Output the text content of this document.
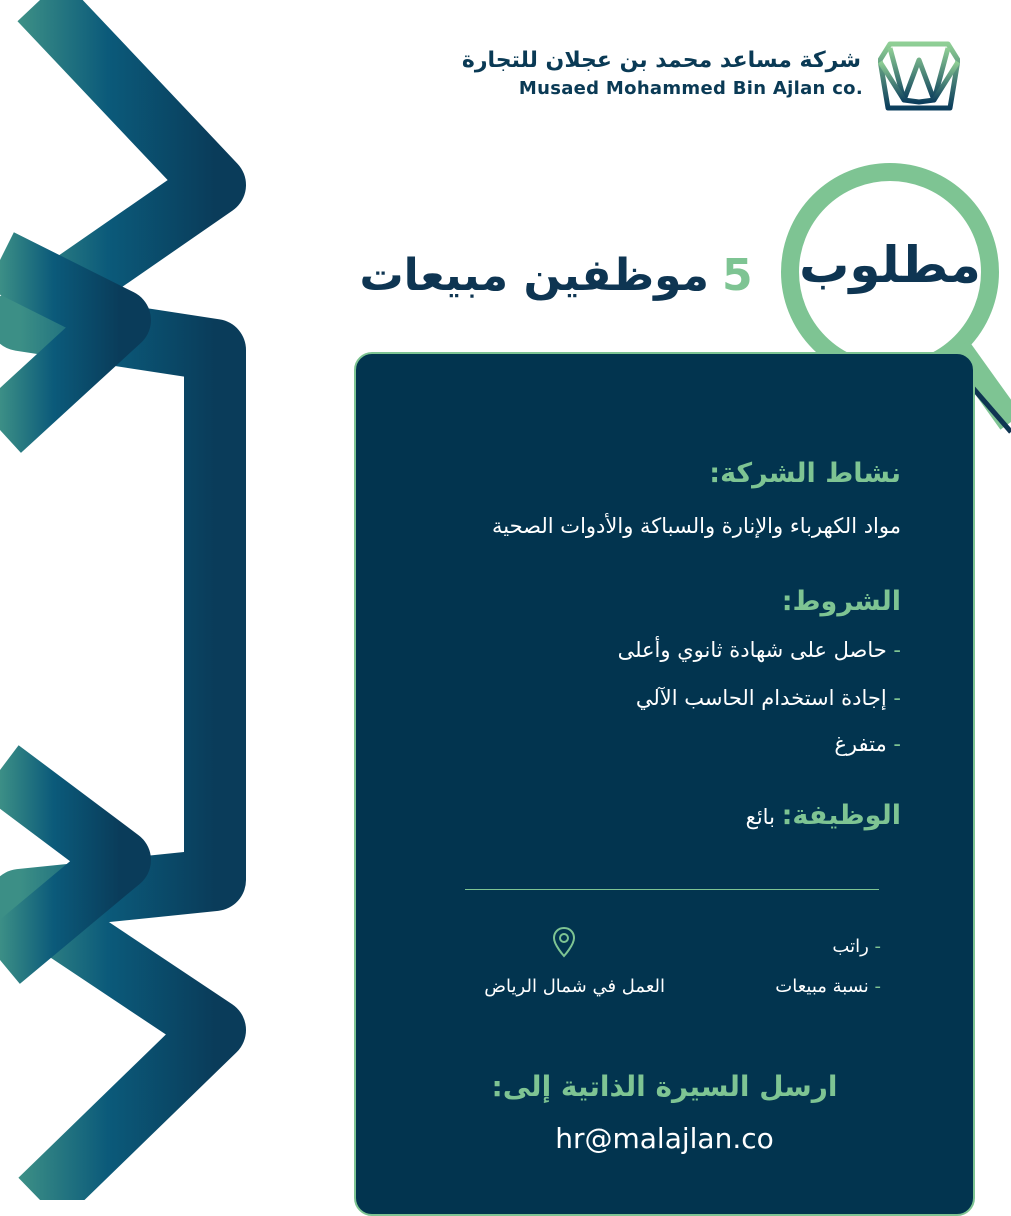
شركة مساعد محمد بن عجلان للتجارة
Musaed Mohammed Bin Ajlan co.
مطلوب
5
موظفين مبيعات
نشاط الشركة:
مواد الكهرباء والإنارة والسباكة والأدوات الصحية
الشروط:
- حاصل على شهادة ثانوي وأعلى
- إجادة استخدام الحاسب الآلي
- متفرغ
الوظيفة: بائع
- راتب
- نسبة مبيعات
العمل في شمال الرياض
ارسل السيرة الذاتية إلى:
hr@malajlan.co
